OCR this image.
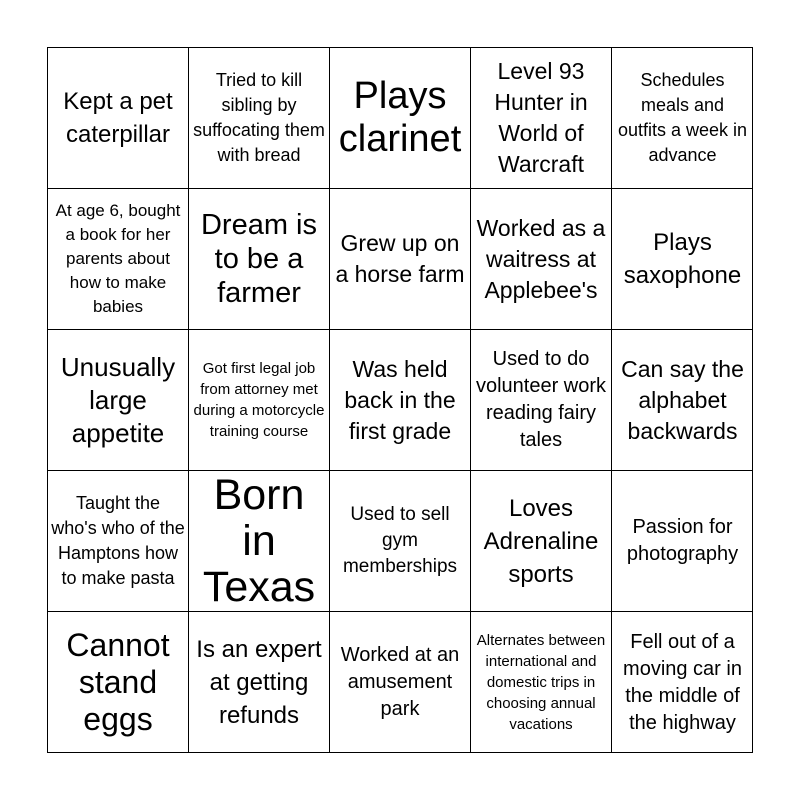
Kept a pet caterpillar
Tried to kill sibling by suffocating them with bread
Plays clarinet
Level 93 Hunter in World of Warcraft
Schedules meals and outfits a week in advance
At age 6, bought a book for her parents about how to make babies
Dream is to be a farmer
Grew up on a horse farm
Worked as a waitress at Applebee's
Plays saxophone
Unusually large appetite
Got first legal job from attorney met during a motorcycle training course
Was held back in the first grade
Used to do volunteer work reading fairy tales
Can say the alphabet backwards
Taught the who's who of the Hamptons how to make pasta
Born in Texas
Used to sell gym memberships
Loves Adrenaline sports
Passion for photography
Cannot stand eggs
Is an expert at getting refunds
Worked at an amusement park
Alternates between international and domestic trips in choosing annual vacations
Fell out of a moving car in the middle of the highway
